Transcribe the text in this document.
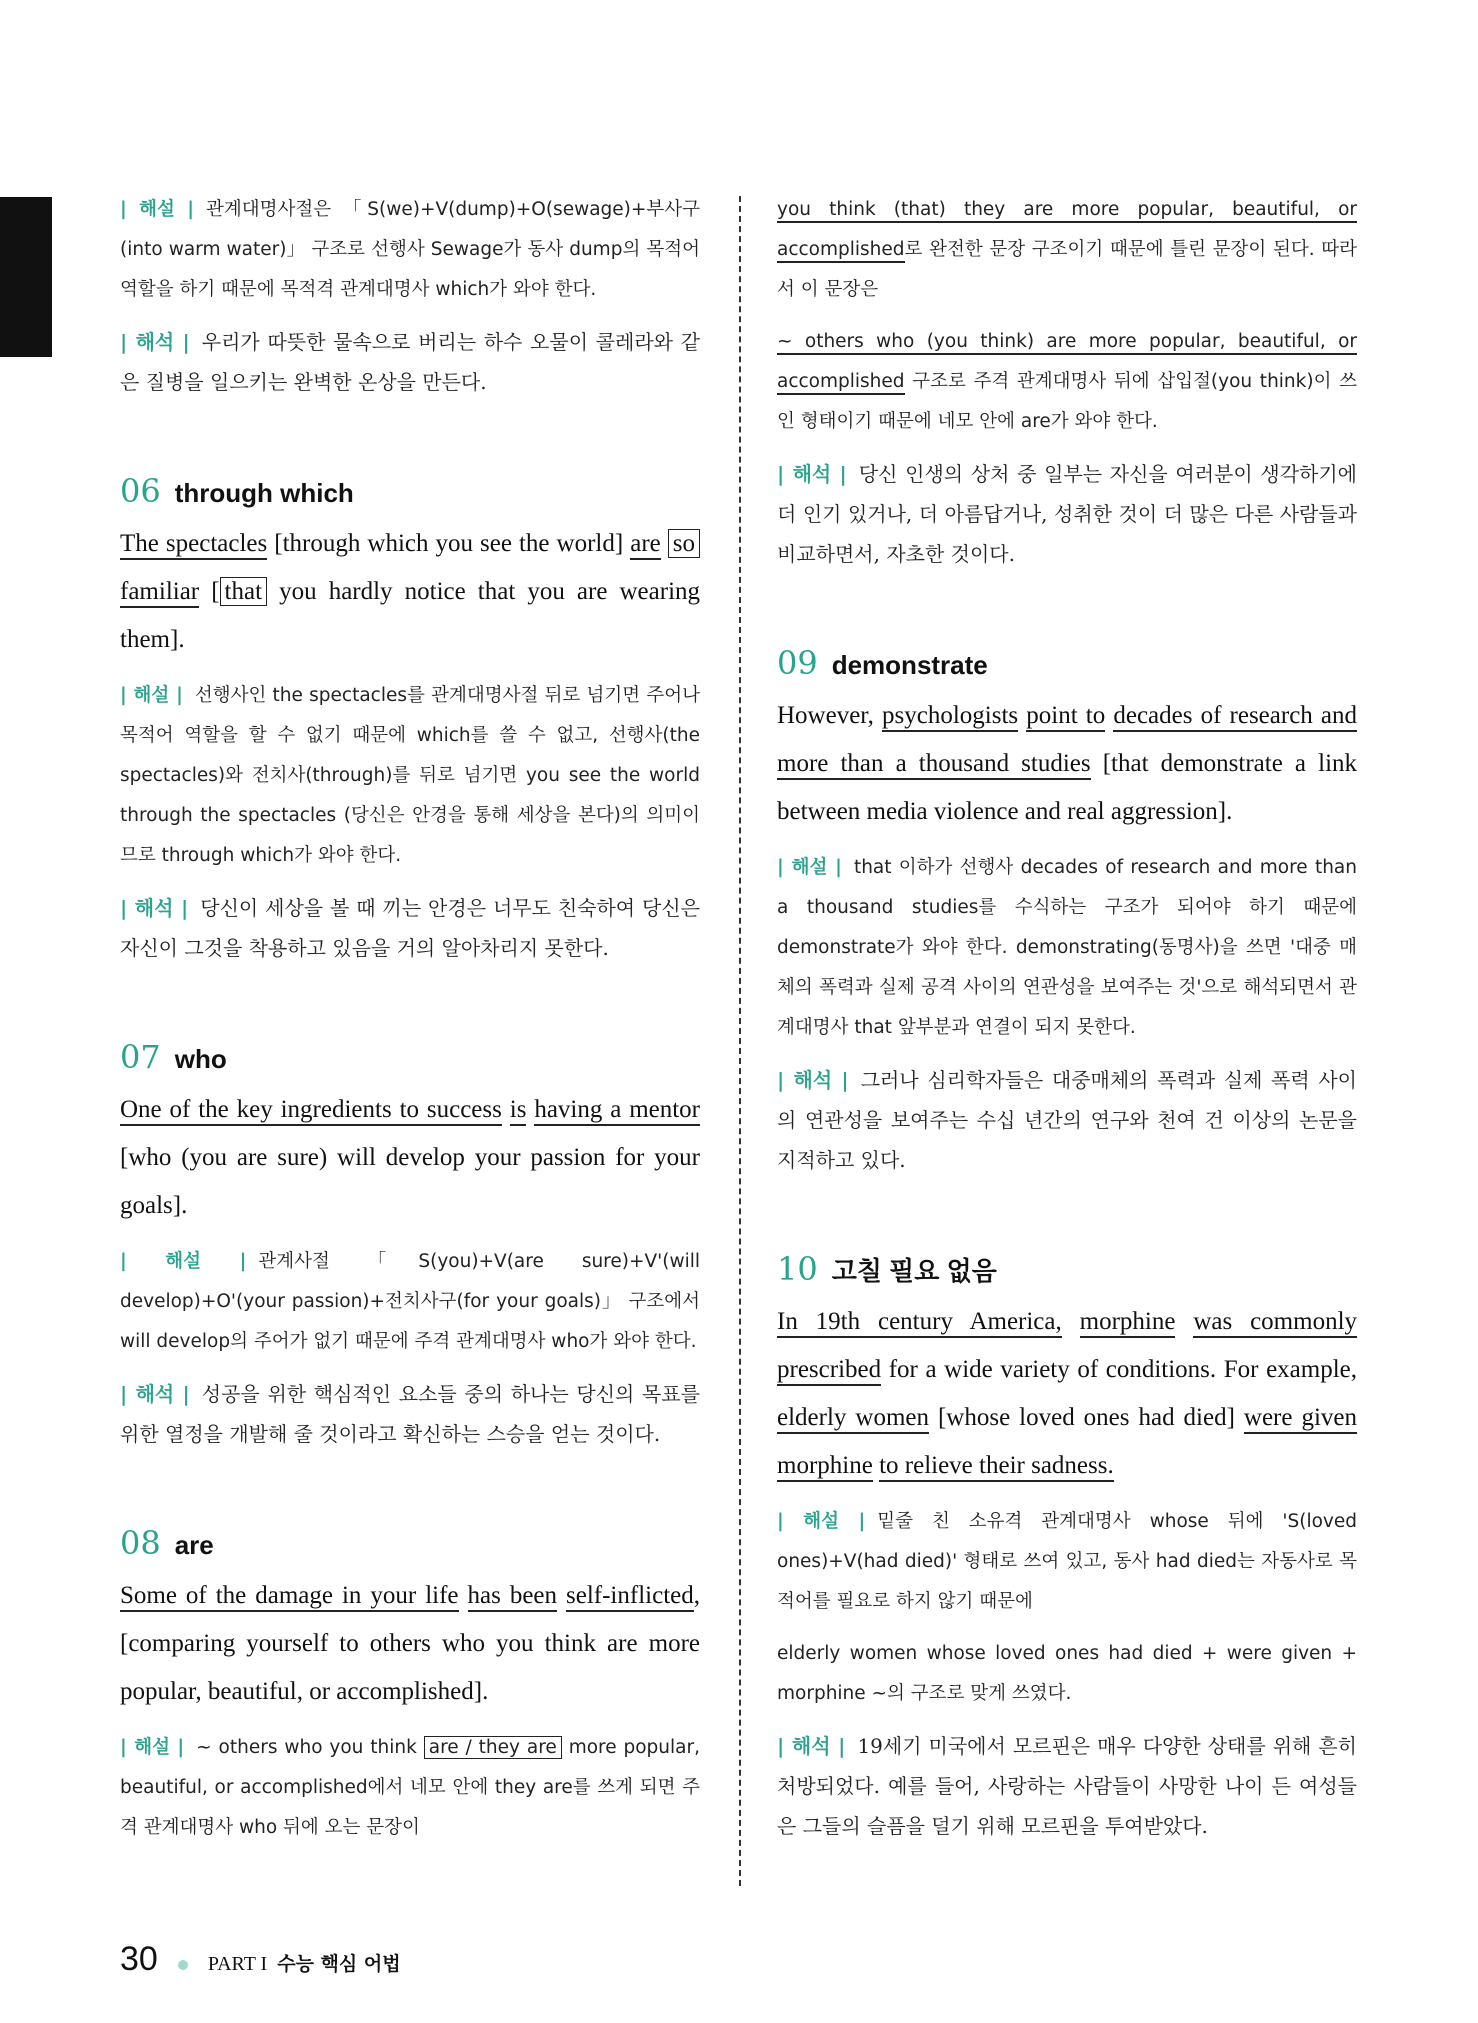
| 해설 | 관계대명사절은 「S(we)+V(dump)+O(sewage)+부사구(into warm water)」 구조로 선행사 Sewage가 동사 dump의 목적어 역할을 하기 때문에 목적격 관계대명사 which가 와야 한다.

| 해석 | 우리가 따뜻한 물속으로 버리는 하수 오물이 콜레라와 같은 질병을 일으키는 완벽한 온상을 만든다.

06 through which

The spectacles [through which you see the world] are so familiar [ that you hardly notice that you are wearing them].

| 해설 | 선행사인 the spectacles를 관계대명사절 뒤로 넘기면 주어나 목적어 역할을 할 수 없기 때문에 which를 쓸 수 없고, 선행사(the spectacles)와 전치사(through)를 뒤로 넘기면 you see the world through the spectacles (당신은 안경을 통해 세상을 본다)의 의미이므로 through which가 와야 한다.

| 해석 | 당신이 세상을 볼 때 끼는 안경은 너무도 친숙하여 당신은 자신이 그것을 착용하고 있음을 거의 알아차리지 못한다.

07 who

One of the key ingredients to success is having a mentor [who (you are sure) will develop your passion for your goals].

| 해설 | 관계사절 「S(you)+V(are sure)+V'(will develop)+O'(your passion)+전치사구(for your goals)」 구조에서 will develop의 주어가 없기 때문에 주격 관계대명사 who가 와야 한다.

| 해석 | 성공을 위한 핵심적인 요소들 중의 하나는 당신의 목표를 위한 열정을 개발해 줄 것이라고 확신하는 스승을 얻는 것이다.

08 are

Some of the damage in your life has been self-inflicted, [comparing yourself to others who you think are more popular, beautiful, or accomplished].

| 해설 | ~ others who you think are / they are more popular, beautiful, or accomplished에서 네모 안에 they are를 쓰게 되면 주격 관계대명사 who 뒤에 오는 문장이

you think (that) they are more popular, beautiful, or accomplished로 완전한 문장 구조이기 때문에 틀린 문장이 된다. 따라서 이 문장은

~ others who (you think) are more popular, beautiful, or accomplished 구조로 주격 관계대명사 뒤에 삽입절(you think)이 쓰인 형태이기 때문에 네모 안에 are가 와야 한다.

| 해석 | 당신 인생의 상처 중 일부는 자신을 여러분이 생각하기에 더 인기 있거나, 더 아름답거나, 성취한 것이 더 많은 다른 사람들과 비교하면서, 자초한 것이다.

09 demonstrate

However, psychologists point to decades of research and more than a thousand studies [that demonstrate a link between media violence and real aggression].

| 해설 | that 이하가 선행사 decades of research and more than a thousand studies를 수식하는 구조가 되어야 하기 때문에 demonstrate가 와야 한다. demonstrating(동명사)을 쓰면 '대중 매체의 폭력과 실제 공격 사이의 연관성을 보여주는 것'으로 해석되면서 관계대명사 that 앞부분과 연결이 되지 못한다.

| 해석 | 그러나 심리학자들은 대중매체의 폭력과 실제 폭력 사이의 연관성을 보여주는 수십 년간의 연구와 천여 건 이상의 논문을 지적하고 있다.

10 고칠 필요 없음

In 19th century America, morphine was commonly prescribed for a wide variety of conditions. For example, elderly women [whose loved ones had died] were given morphine to relieve their sadness.

| 해설 | 밑줄 친 소유격 관계대명사 whose 뒤에 'S(loved ones)+V(had died)' 형태로 쓰여 있고, 동사 had died는 자동사로 목적어를 필요로 하지 않기 때문에

elderly women whose loved ones had died + were given + morphine ~의 구조로 맞게 쓰였다.

| 해석 | 19세기 미국에서 모르핀은 매우 다양한 상태를 위해 흔히 처방되었다. 예를 들어, 사랑하는 사람들이 사망한 나이 든 여성들은 그들의 슬픔을 덜기 위해 모르핀을 투여받았다.

30	PART I 수능 핵심 어법
